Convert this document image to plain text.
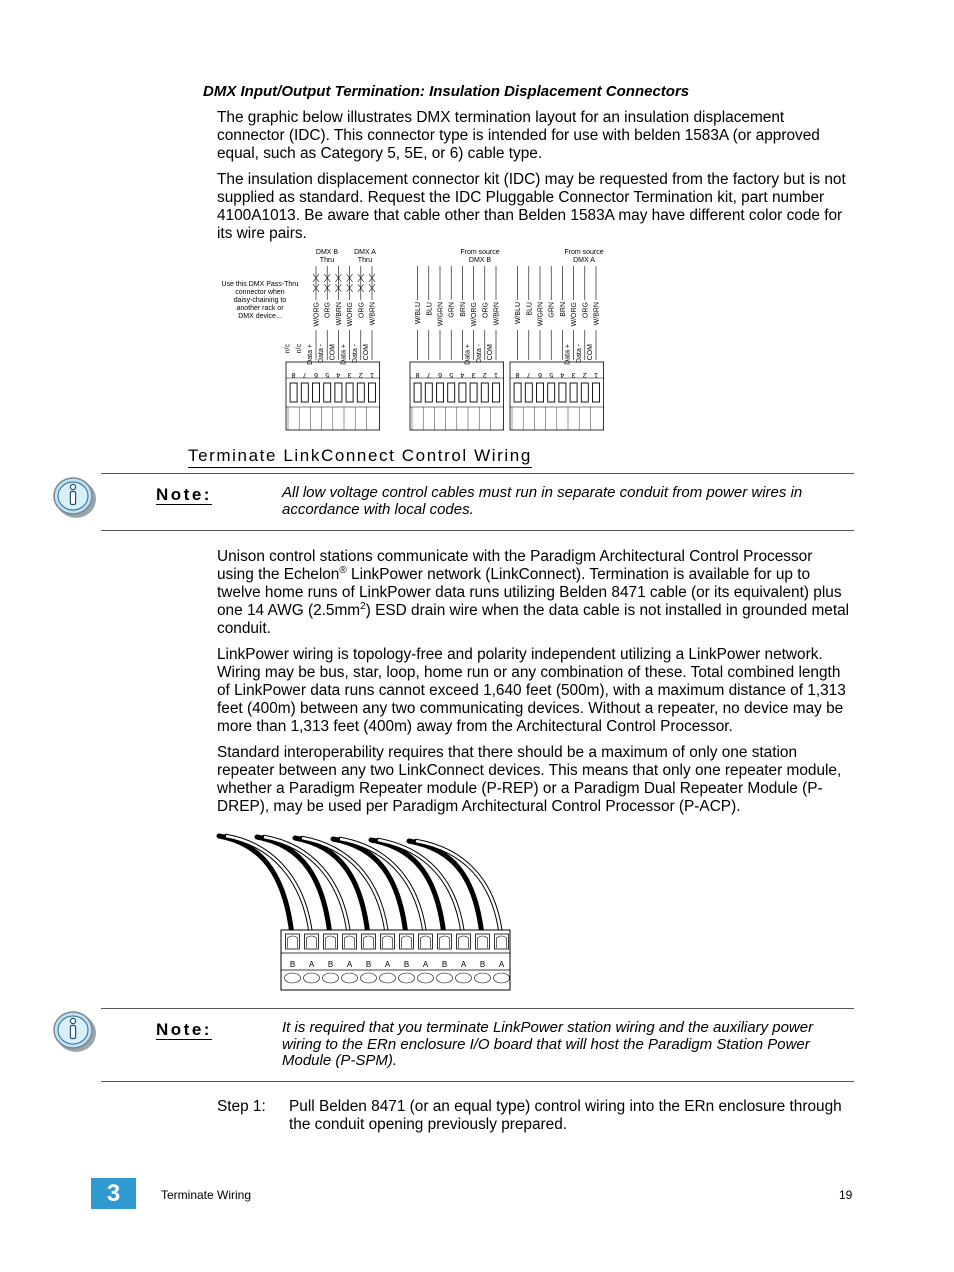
DMX Input/Output Termination: Insulation Displacement Connectors
The graphic below illustrates DMX termination layout for an insulation displacement connector (IDC). This connector type is intended for use with belden 1583A (or approved equal, such as Category 5, 5E, or 6) cable type.
The insulation displacement connector kit (IDC) may be requested from the factory but is not supplied as standard. Request the IDC Pluggable Connector Termination kit, part number 4100A1013. Be aware that cable other than Belden 1583A may have different color code for its wire pairs.
DMX B
Thru
DMX A
Thru
From source
DMX B
From source
DMX A
Use this DMX Pass-Thru
connector when
daisy-chaining to
another rack or
DMX device...
8
n/c
7
n/c
6
W/ORG
Data +
5
ORG
Data -
4
W/BRN
COM
3
W/ORG
Data +
2
ORG
Data -
1
W/BRN
COM
8
W/BLU
7
BLU
6
W/GRN
5
GRN
4
BRN
3
W/ORG
Data +
2
ORG
Data -
1
W/BRN
COM
8
W/BLU
7
BLU
6
W/GRN
5
GRN
4
BRN
3
W/ORG
Data +
2
ORG
Data -
1
W/BRN
COM
Terminate LinkConnect Control Wiring
Note:	All low voltage control cables must run in separate conduit from power wires in accordance with local codes.
Unison control stations communicate with the Paradigm Architectural Control Processor using the Echelon® LinkPower network (LinkConnect). Termination is available for up to twelve home runs of LinkPower data runs utilizing Belden 8471 cable (or its equivalent) plus one 14 AWG $(2.5mm^2)$ ESD drain wire when the data cable is not installed in grounded metal conduit.
LinkPower wiring is topology-free and polarity independent utilizing a LinkPower network. Wiring may be bus, star, loop, home run or any combination of these. Total combined length of LinkPower data runs cannot exceed 1,640 feet (500m), with a maximum distance of 1,313 feet (400m) between any two communicating devices. Without a repeater, no device may be more than 1,313 feet (400m) away from the Architectural Control Processor.
Standard interoperability requires that there should be a maximum of only one station repeater between any two LinkConnect devices. This means that only one repeater module, whether a Paradigm Repeater module (P-REP) or a Paradigm Dual Repeater Module (P-DREP), may be used per Paradigm Architectural Control Processor (P-ACP).
B A B A B A B A B A B A
Note:	It is required that you terminate LinkPower station wiring and the auxiliary power wiring to the ERn enclosure I/O board that will host the Paradigm Station Power Module (P-SPM).
Step 1: Pull Belden 8471 (or an equal type) control wiring into the ERn enclosure through the conduit opening previously prepared.
3	Terminate Wiring	19
